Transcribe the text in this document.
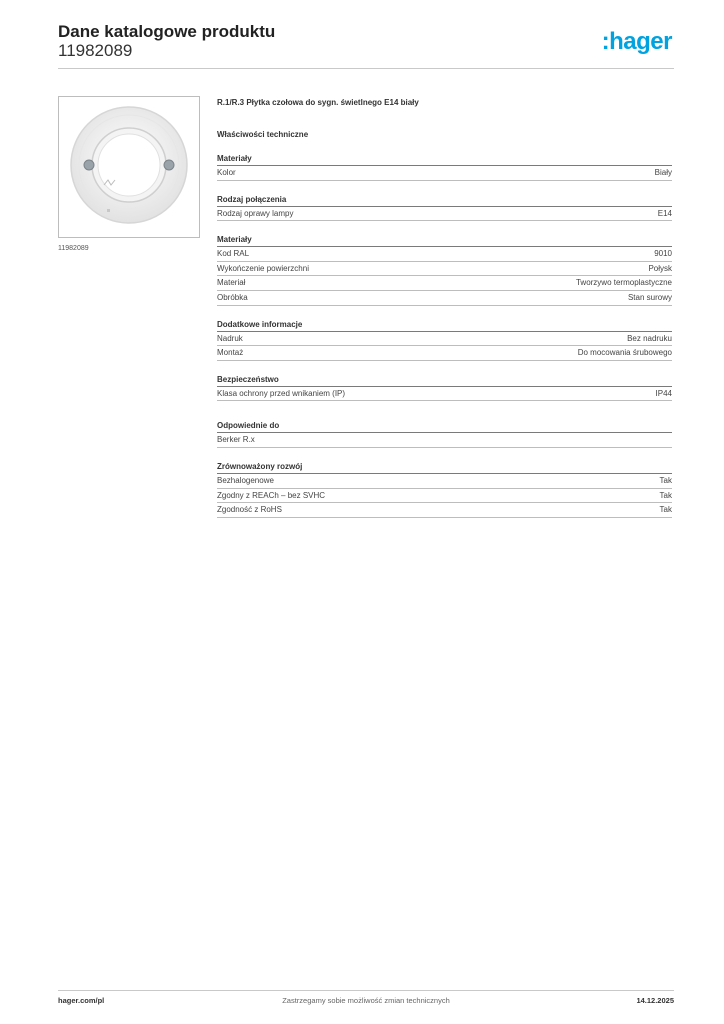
Dane katalogowe produktu
11982089	:hager
11982089
R.1/R.3 Płytka czołowa do sygn. świetlnego E14 biały
Właściwości techniczne
Materiały
Kolor	Biały
Rodzaj połączenia
Rodzaj oprawy lampy	E14
Materiały
Kod RAL	9010
Wykończenie powierzchni	Połysk
Materiał	Tworzywo termoplastyczne
Obróbka	Stan surowy
Dodatkowe informacje
Nadruk	Bez nadruku
Montaż	Do mocowania śrubowego
Bezpieczeństwo
Klasa ochrony przed wnikaniem (IP)	IP44
Odpowiednie do
Berker R.x
Zrównoważony rozwój
Bezhalogenowe	Tak
Zgodny z REACh – bez SVHC	Tak
Zgodność z RoHS	Tak
Zastrzegamy sobie możliwość zmian technicznych
hager.com/pl	14.12.2025
